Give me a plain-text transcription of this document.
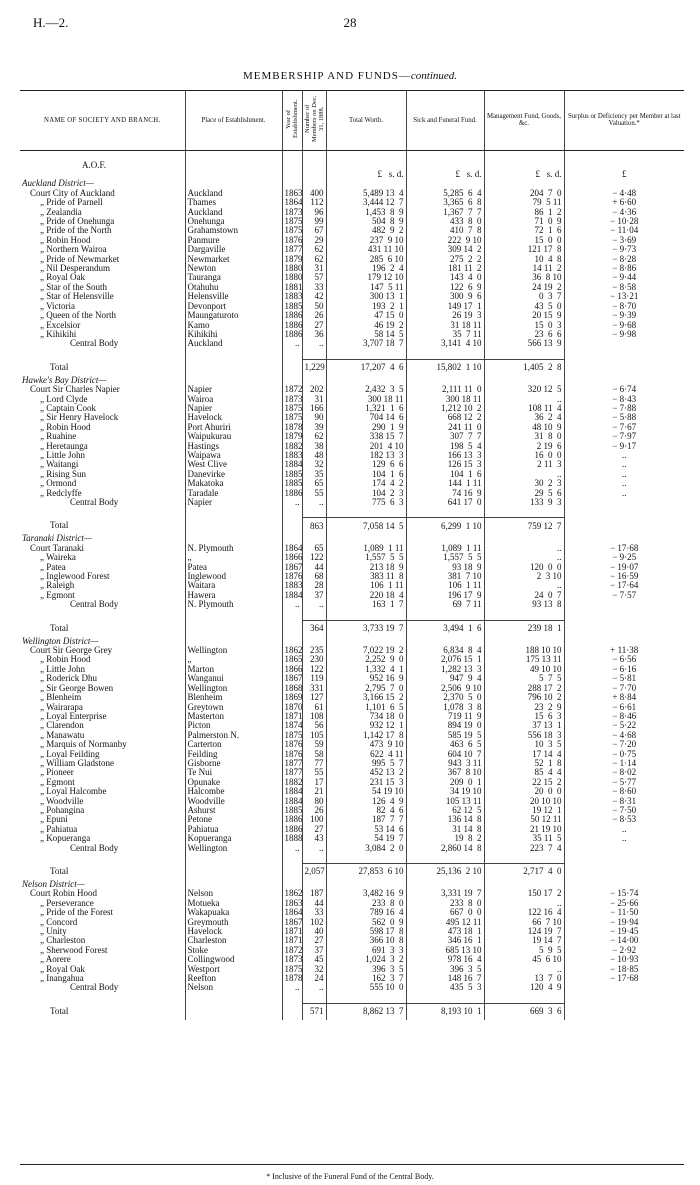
H.—2.	28
MEMBERSHIP AND FUNDS—continued.
NAME OF SOCIETY AND BRANCH.	Place of Establishment.	Year of Establishment.	Number of Members on Dec. 31, 1888.	Total Worth.	Sick and Funeral Fund.	Management Fund, Goods, &c.	Surplus or Deficiency per Member at last Valuation.*

A.O.F.							
				£ s. d.	£ s. d.	£ s. d.	£
Auckland District—							
Court City of Auckland	Auckland	1863	400	5,489 13  4	5,285  6  4	204  7  0	− 4·48
„ Pride of Parnell	Thames	1864	112	3,444 12  7	3,365  6  8	79  5 11	+ 6·60
„ Zealandia	Auckland	1873	96	1,453  8  9	1,367  7  7	86  1  2	− 4·36
„ Pride of Onehunga	Onehunga	1875	99	504  8  9	433  8  0	71  0  9	− 10·28
„ Pride of the North	Grahamstown	1875	67	482  9  2	410  7  8	72  1  6	− 11·04
„ Robin Hood	Panmure	1876	29	237  9 10	222  9 10	15  0  0	− 3·69
„ Northern Wairoa	Dargaville	1877	62	431 11 10	309 14  2	121 17  8	− 9·73
„ Pride of Newmarket	Newmarket	1879	62	285  6 10	275  2  2	10  4  8	− 8·28
„ Nil Desperandum	Newton	1880	31	196  2  4	181 11  2	14 11  2	− 8·86
„ Royal Oak	Tauranga	1880	57	179 12 10	143  4  0	36  8 10	− 9·44
„ Star of the South	Otahuhu	1881	33	147  5 11	122  6  9	24 19  2	− 8·58
„ Star of Helensville	Helensville	1883	42	300 13  1	300  9  6	0  3  7	− 13·21
„ Victoria	Devonport	1885	50	193  2  1	149 17  1	43  5  0	− 8·70
„ Queen of the North	Maungaturoto	1886	26	47 15  0	26 19  3	20 15  9	− 9·39
„ Excelsior	Kamo	1886	27	46 19  2	31 18 11	15  0  3	− 9·68
„ Kihikihi	Kihikihi	1886	36	58 14  5	35  7 11	23  6  6	− 9·98
Central Body	Auckland	..	..	3,707 18  7	3,141  4 10	566 13  9	

Total			1,229	17,207  4  6	15,802  1 10	1,405  2  8	
Hawke's Bay District—							
Court Sir Charles Napier	Napier	1872	202	2,432  3  5	2,111 11  0	320 12  5	− 6·74
„ Lord Clyde	Wairoa	1873	31	300 18 11	300 18 11	..	− 8·43
„ Captain Cook	Napier	1875	166	1,321  1  6	1,212 10  2	108 11  4	− 7·88
„ Sir Henry Havelock	Havelock	1875	90	704 14  6	668 12  2	36  2  4	− 5·88
„ Robin Hood	Port Ahuriri	1878	39	290  1  9	241 11  0	48 10  9	− 7·67
„ Ruahine	Waipukurau	1879	62	338 15  7	307  7  7	31  8  0	− 7·97
„ Heretaunga	Hastings	1882	38	201  4 10	198  5  4	2 19  6	− 9·17
„ Little John	Waipawa	1883	48	182 13  3	166 13  3	16  0  0	..
„ Waitangi	West Clive	1884	32	129  6  6	126 15  3	2 11  3	..
„ Rising Sun	Danevirke	1885	35	104  1  6	104  1  6	..	..
„ Ormond	Makatoka	1885	65	174  4  2	144  1 11	30  2  3	..
„ Redclyffe	Taradale	1886	55	104  2  3	74 16  9	29  5  6	..
Central Body	Napier	..	..	775  6  3	641 17  0	133  9  3	

Total			863	7,058 14  5	6,299  1 10	759 12  7	
Taranaki District—							
Court Taranaki	N. Plymouth	1864	65	1,089  1 11	1,089  1 11	..	− 17·68
„ Waireka	„	1866	122	1,557  5  5	1,557  5  5	..	− 9·25
„ Patea	Patea	1867	44	213 18  9	93 18  9	120  0  0	− 19·07
„ Inglewood Forest	Inglewood	1876	68	383 11  8	381  7 10	2  3 10	− 16·59
„ Raleigh	Waitara	1883	28	106  1 11	106  1 11	..	− 17·64
„ Egmont	Hawera	1884	37	220 18  4	196 17  9	24  0  7	− 7·57
Central Body	N. Plymouth	..	..	163  1  7	69  7 11	93 13  8	

Total			364	3,733 19  7	3,494  1  6	239 18  1	
Wellington District—							
Court Sir George Grey	Wellington	1862	235	7,022 19  2	6,834  8  4	188 10 10	+ 11·38
„ Robin Hood	„	1865	230	2,252  9  0	2,076 15  1	175 13 11	− 6·56
„ Little John	Marton	1866	122	1,332  4  1	1,282 13  3	49 10 10	− 6·16
„ Roderick Dhu	Wanganui	1867	119	952 16  9	947  9  4	5  7  5	− 5·81
„ Sir George Bowen	Wellington	1868	331	2,795  7  0	2,506  9 10	288 17  2	− 7·70
„ Blenheim	Blenheim	1869	127	3,166 15  2	2,370  5  0	796 10  2	+ 8·84
„ Wairarapa	Greytown	1870	61	1,101  6  5	1,078  3  8	23  2  9	− 6·61
„ Loyal Enterprise	Masterton	1871	108	734 18  0	719 11  9	15  6  3	− 8·46
„ Clarendon	Picton	1874	56	932 12  1	894 19  0	37 13  1	− 5·22
„ Manawatu	Palmerston N.	1875	105	1,142 17  8	585 19  5	556 18  3	− 4·68
„ Marquis of Normanby	Carterton	1876	59	473  9 10	463  6  5	10  3  5	− 7·20
„ Loyal Feilding	Feilding	1876	58	622  4 11	604 10  7	17 14  4	− 0·75
„ William Gladstone	Gisborne	1877	77	995  5  7	943  3 11	52  1  8	− 1·14
„ Pioneer	Te Nui	1877	55	452 13  2	367  8 10	85  4  4	− 8·02
„ Egmont	Opunake	1882	17	231 15  3	209  0  1	22 15  2	− 5·77
„ Loyal Halcombe	Halcombe	1884	21	54 19 10	34 19 10	20  0  0	− 8·60
„ Woodville	Woodville	1884	80	126  4  9	105 13 11	20 10 10	− 8·31
„ Pohangina	Ashurst	1885	26	82  4  6	62 12  5	19 12  1	− 7·50
„ Epuni	Petone	1886	100	187  7  7	136 14  8	50 12 11	− 8·53
„ Pahiatua	Pahiatua	1886	27	53 14  6	31 14  8	21 19 10	..
„ Kopueranga	Kopueranga	1888	43	54 19  7	19  8  2	35 11  5	..
Central Body	Wellington	..	..	3,084  2  0	2,860 14  8	223  7  4	

Total			2,057	27,853  6 10	25,136  2 10	2,717  4  0	
Nelson District—							
Court Robin Hood	Nelson	1862	187	3,482 16  9	3,331 19  7	150 17  2	− 15·74
„ Perseverance	Motueka	1863	44	233  8  0	233  8  0	..	− 25·66
„ Pride of the Forest	Wakapuaka	1864	33	789 16  4	667  0  0	122 16  4	− 11·50
„ Concord	Greymouth	1867	102	562  0  9	495 12 11	66  7 10	− 19·94
„ Unity	Havelock	1871	40	598 17  8	473 18  1	124 19  7	− 19·45
„ Charleston	Charleston	1871	27	366 10  8	346 16  1	19 14  7	− 14·00
„ Sherwood Forest	Stoke	1872	37	691  3  3	685 13 10	5  9  5	− 2·92
„ Aorere	Collingwood	1873	45	1,024  3  2	978 16  4	45  6 10	− 10·93
„ Royal Oak	Westport	1875	32	396  3  5	396  3  5	..	− 18·85
„ Inangahua	Reefton	1878	24	162  3  7	148 16  7	13  7  0	− 17·68
Central Body	Nelson	..	..	555 10  0	435  5  3	120  4  9	

Total			571	8,862 13  7	8,193 10  1	669  3  6	
* Inclusive of the Funeral Fund of the Central Body.
